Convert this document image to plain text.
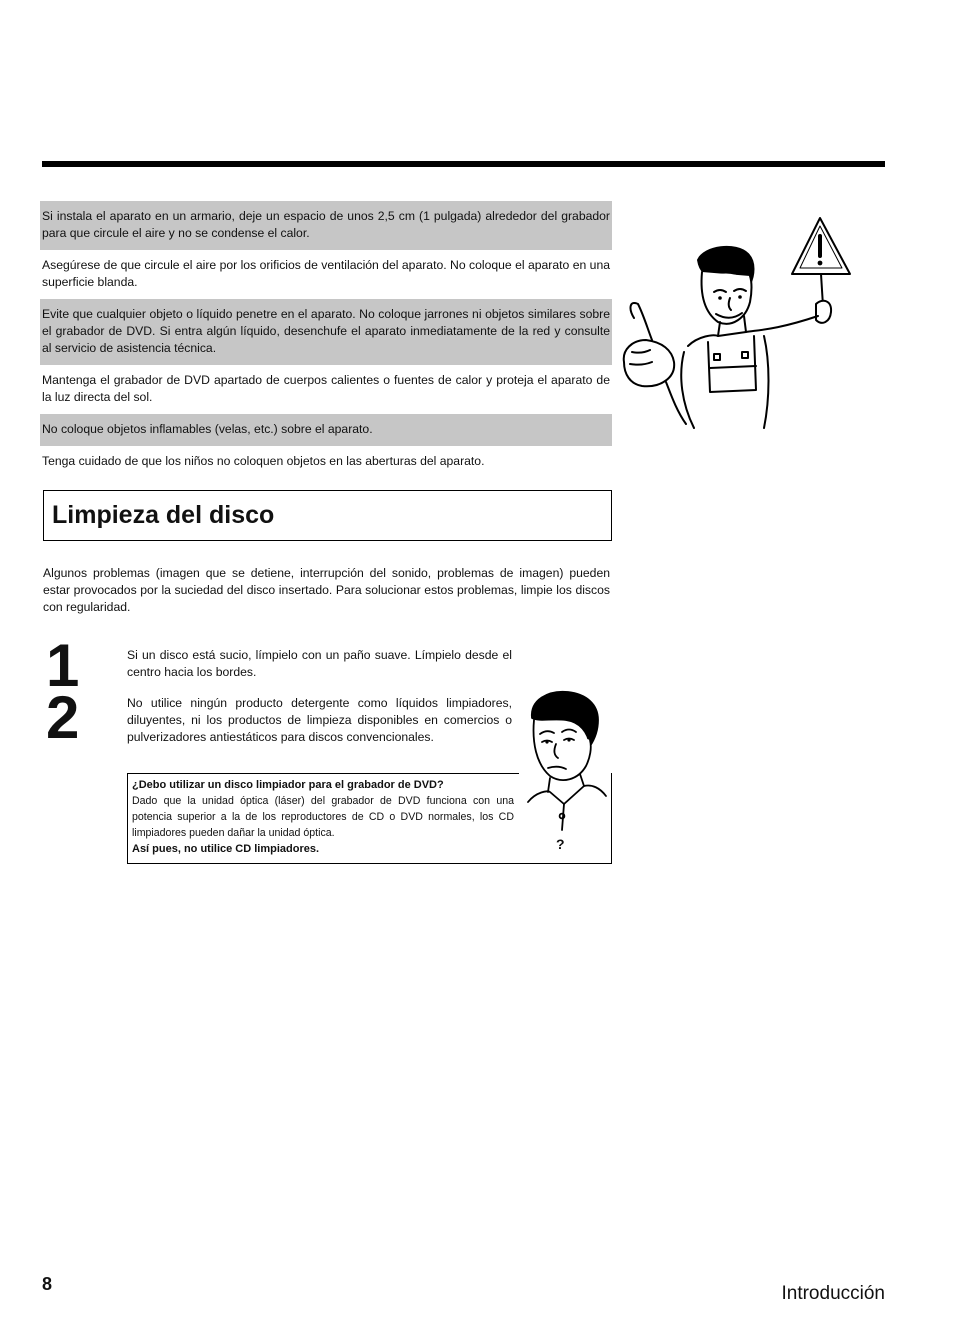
Si instala el aparato en un armario, deje un espacio de unos 2,5 cm (1 pulgada) alrededor del grabador para que circule el aire y no se condense el calor.
Asegúrese de que circule el aire por los orificios de ventilación del aparato. No coloque el aparato en una superficie blanda.
Evite que cualquier objeto o líquido penetre en el aparato. No coloque jarrones ni objetos similares sobre el grabador de DVD. Si entra algún líquido, desenchufe el aparato inmediatamente de la red y consulte al servicio de asistencia técnica.
Mantenga el grabador de DVD apartado de cuerpos calientes o fuentes de calor y proteja el aparato de la luz directa del sol.
No coloque objetos inflamables (velas, etc.) sobre el aparato.
Tenga cuidado de que los niños no coloquen objetos en las aberturas del aparato.
Limpieza del disco

Algunos problemas (imagen que se detiene, interrupción del sonido, problemas de imagen) pueden estar provocados por la suciedad del disco insertado. Para solucionar estos problemas, limpie los discos con regularidad.

1
2

Si un disco está sucio, límpielo con un paño suave. Límpielo desde el centro hacia los bordes.

No utilice ningún producto detergente como líquidos limpiadores, diluyentes, ni los productos de limpieza disponibles en comercios o pulverizadores antiestáticos para discos convencionales.

¿Debo utilizar un disco limpiador para el grabador de DVD?
Dado que la unidad óptica (láser) del grabador de DVD funciona con una potencia superior a la de los reproductores de CD o DVD normales, los CD limpiadores pueden dañar la unidad óptica.
Así pues, no utilice CD limpiadores.	?
8	Introducción
